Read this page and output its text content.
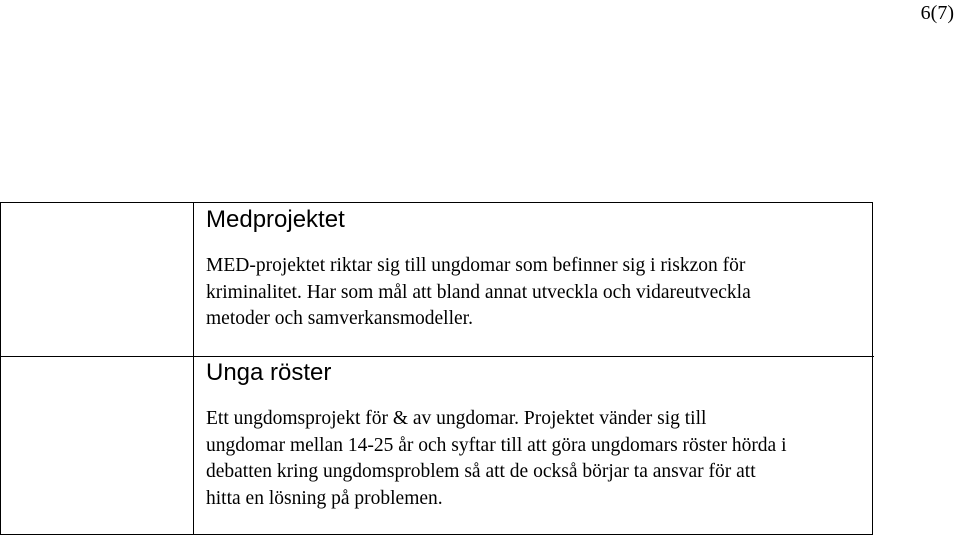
6(7)
Medprojektet

MED-projektet riktar sig till ungdomar som befinner sig i riskzon för

kriminalitet. Har som mål att bland annat utveckla och vidareutveckla

metoder och samverkansmodeller.

Unga röster

Ett ungdomsprojekt för & av ungdomar. Projektet vänder sig till

ungdomar mellan 14-25 år och syftar till att göra ungdomars röster hörda i

debatten kring ungdomsproblem så att de också börjar ta ansvar för att

hitta en lösning på problemen.
